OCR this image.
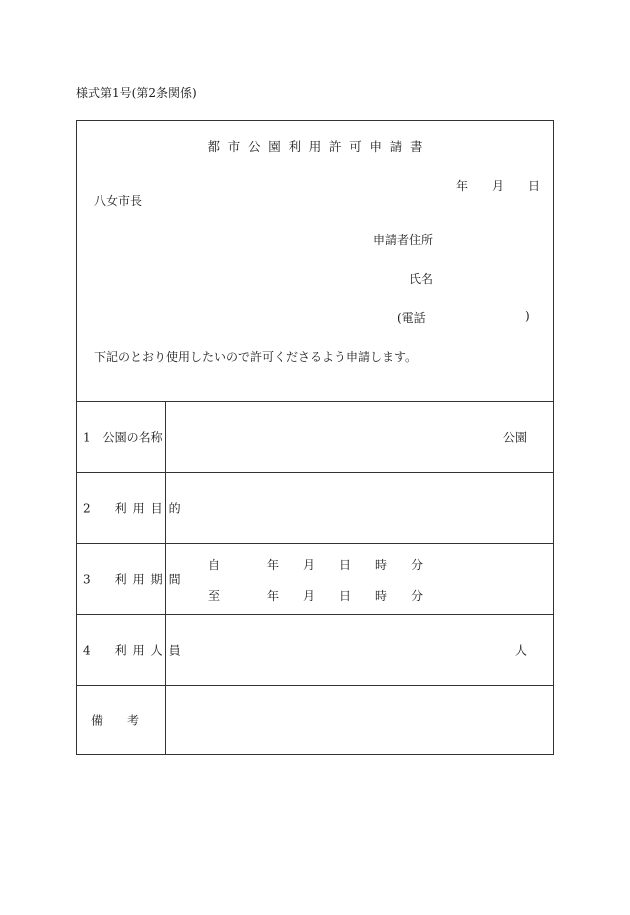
様式第1号(第2条関係)
都市公園利用許可申請書
年 月 日
八女市長
申請者住所
氏名
(電話	)
下記のとおり使用したいので許可くださるよう申請します。
1　公園の名称	公園
2　利用目的
3　利用期間
自	年 月 日 時 分
至	年 月 日 時 分
4　利用人員	人
備　　考
